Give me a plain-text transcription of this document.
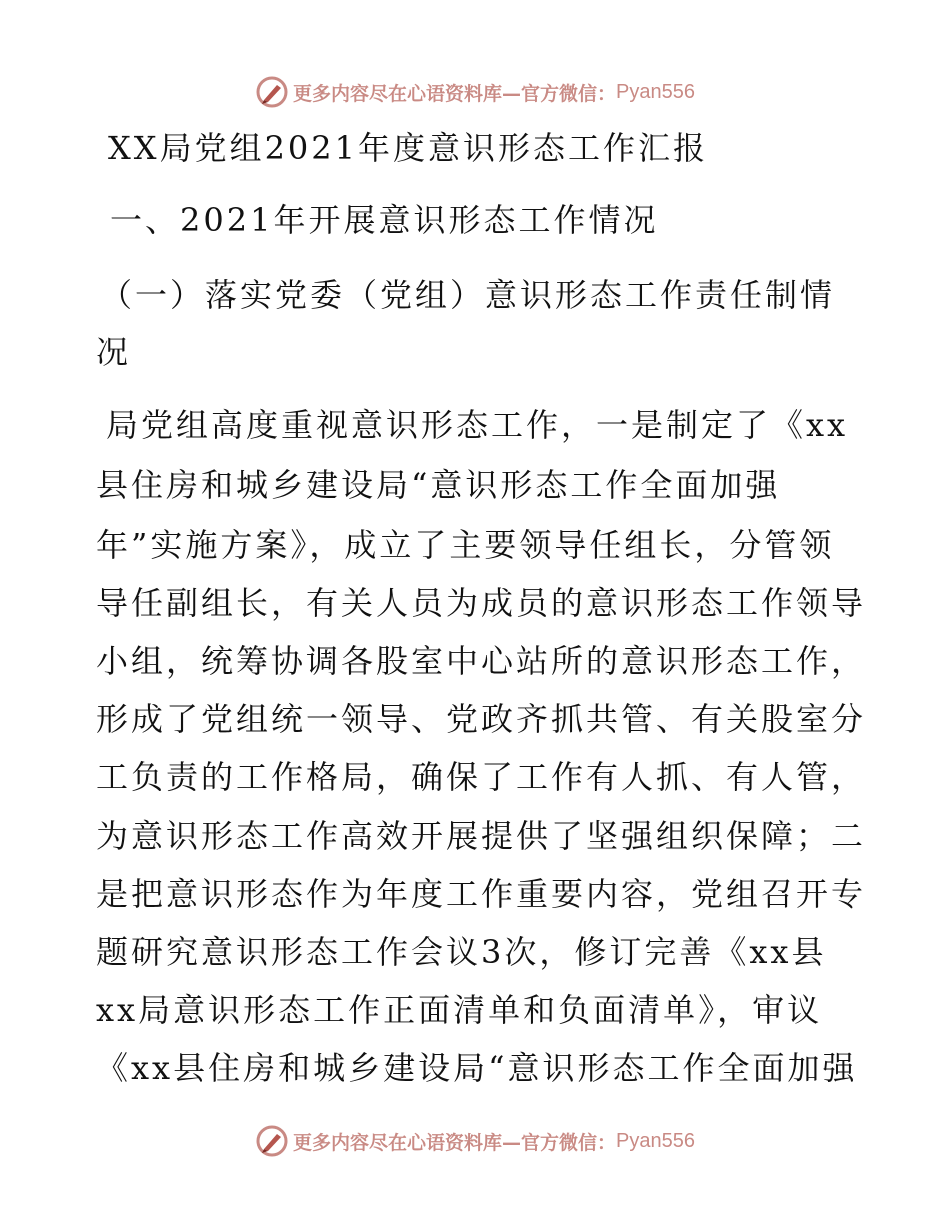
更多内容尽在心语资料库—官方微信： Pyan556
XX局党组2021年度意识形态工作汇报
一、2021年开展意识形态工作情况
（一）落实党委（党组）意识形态工作责任制情
况
局党组高度重视意识形态工作，一是制定了《xx
县住房和城乡建设局“意识形态工作全面加强
年”实施方案》，成立了主要领导任组长，分管领
导任副组长，有关人员为成员的意识形态工作领导
小组，统筹协调各股室中心站所的意识形态工作，
形成了党组统一领导、党政齐抓共管、有关股室分
工负责的工作格局，确保了工作有人抓、有人管，
为意识形态工作高效开展提供了坚强组织保障；二
是把意识形态作为年度工作重要内容，党组召开专
题研究意识形态工作会议3次，修订完善《xx县
xx局意识形态工作正面清单和负面清单》，审议
《xx县住房和城乡建设局“意识形态工作全面加强
更多内容尽在心语资料库—官方微信： Pyan556
